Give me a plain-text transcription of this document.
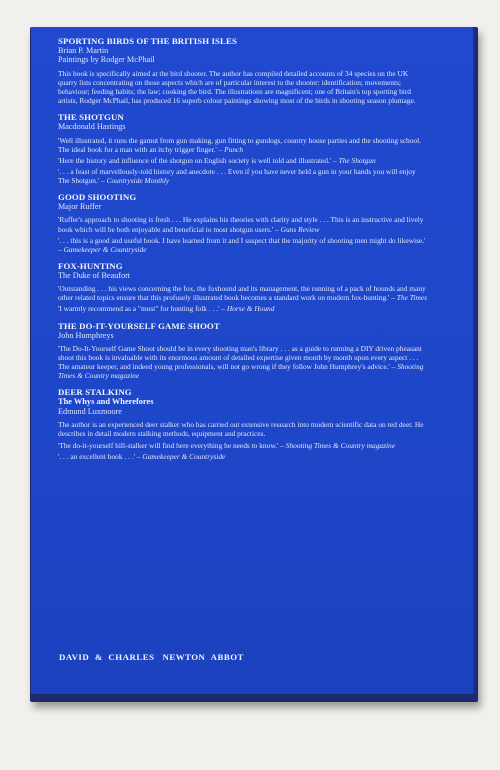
SPORTING BIRDS OF THE BRITISH ISLES
Brian P. Martin
Paintings by Rodger McPhail

This book is specifically aimed at the bird shooter. The author has compiled detailed accounts of 34 species on the UK quarry lists concentrating on those aspects which are of particular interest to the shooter: identification; movements; behaviour; feeding habits; the law; cooking the bird. The illustrations are magnificent; one of Britain's top sporting bird artists, Rodger McPhail, has produced 16 superb colour paintings showing most of the birds in shooting season plumage.

THE SHOTGUN
Macdonald Hastings

'Well illustrated, it runs the gamut from gun making, gun fitting to gundogs, country house parties and the shooting school. The ideal book for a man with an itchy trigger finger.' – Punch

'Here the history and influence of the shotgun on English society is well told and illustrated.' – The Shotgun

'. . . a feast of marvellously-told history and anecdote . . . Even if you have never held a gun in your hands you will enjoy The Shotgun.' – Countryside Monthly

GOOD SHOOTING
Major Ruffer

'Ruffer's approach to shooting is fresh . . . He explains his theories with clarity and style . . . This is an instructive and lively book which will be both enjoyable and beneficial to most shotgun users.' – Guns Review

'. . . this is a good and useful book. I have learned from it and I suspect that the majority of shooting men might do likewise.' – Gamekeeper & Countryside

FOX-HUNTING
The Duke of Beaufort

'Outstanding . . . his views concerning the fox, the foxhound and its management, the running of a pack of hounds and many other related topics ensure that this profusely illustrated book becomes a standard work on modern fox-hunting.' – The Times

'I warmly recommend as a "must" for hunting folk . . .' – Horse & Hound

THE DO-IT-YOURSELF GAME SHOOT
John Humphreys

'The Do-It-Yourself Game Shoot should be in every shooting man's library . . . as a guide to running a DIY driven pheasant shoot this book is invaluable with its enormous amount of detailed expertise given month by month upon every aspect . . . The amateur keeper, and indeed young professionals, will not go wrong if they follow John Humphrey's advice.' – Shooting Times & Country magazine

DEER STALKING
The Whys and Wherefores
Edmund Luxmoore

The author is an experienced deer stalker who has carried out extensive research into modern scientific data on red deer. He describes in detail modern stalking methods, equipment and practices.

'The do-it-yourself hill-stalker will find here everything he needs to know.' – Shooting Times & Country magazine

'. . . an excellent book . . .' – Gamekeeper & Countryside

DAVID & CHARLES NEWTON ABBOT
